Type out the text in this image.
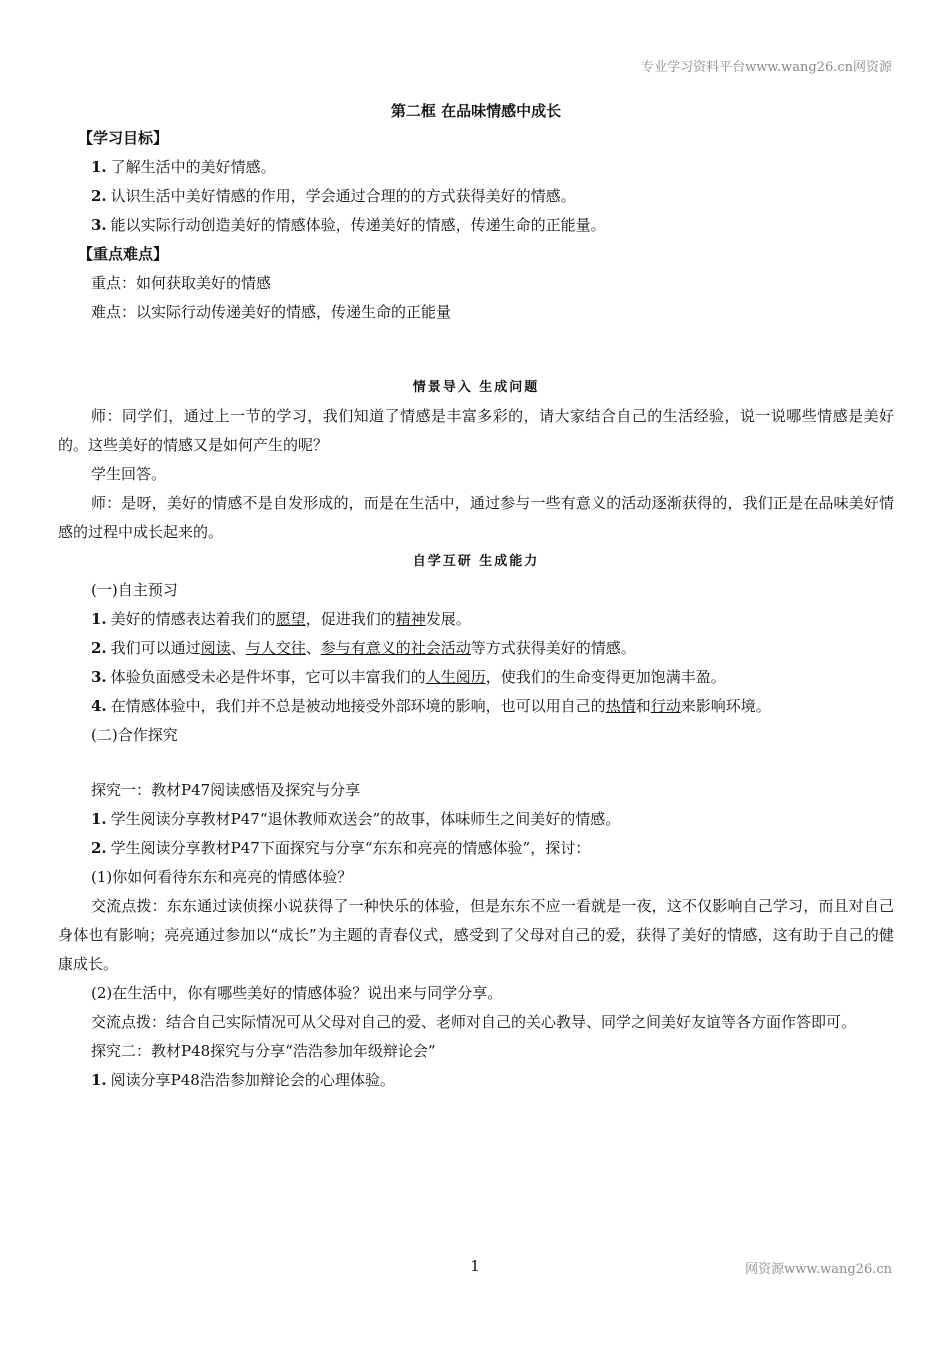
专业学习资料平台www.wang26.cn网资源

第二框 在品味情感中成长

【学习目标】

1. 了解生活中的美好情感。

2. 认识生活中美好情感的作用，学会通过合理的的方式获得美好的情感。

3. 能以实际行动创造美好的情感体验，传递美好的情感，传递生命的正能量。

【重点难点】

重点：如何获取美好的情感

难点：以实际行动传递美好的情感，传递生命的正能量

情景导入 生成问题

师：同学们，通过上一节的学习，我们知道了情感是丰富多彩的，请大家结合自己的生活经验，说一说哪些情感是美好的。这些美好的情感又是如何产生的呢？

学生回答。

师：是呀，美好的情感不是自发形成的，而是在生活中，通过参与一些有意义的活动逐渐获得的，我们正是在品味美好情感的过程中成长起来的。

自学互研 生成能力

(一)自主预习

1. 美好的情感表达着我们的愿望，促进我们的精神发展。

2. 我们可以通过阅读、与人交往、参与有意义的社会活动等方式获得美好的情感。

3. 体验负面感受未必是件坏事，它可以丰富我们的人生阅历，使我们的生命变得更加饱满丰盈。

4. 在情感体验中，我们并不总是被动地接受外部环境的影响，也可以用自己的热情和行动来影响环境。

(二)合作探究

探究一：教材P47阅读感悟及探究与分享

1. 学生阅读分享教材P47“退休教师欢送会”的故事，体味师生之间美好的情感。

2. 学生阅读分享教材P47下面探究与分享“东东和亮亮的情感体验”，探讨：

(1)你如何看待东东和亮亮的情感体验？

交流点拨：东东通过读侦探小说获得了一种快乐的体验，但是东东不应一看就是一夜，这不仅影响自己学习，而且对自己身体也有影响；亮亮通过参加以“成长”为主题的青春仪式，感受到了父母对自己的爱，获得了美好的情感，这有助于自己的健康成长。

(2)在生活中，你有哪些美好的情感体验？说出来与同学分享。

交流点拨：结合自己实际情况可从父母对自己的爱、老师对自己的关心教导、同学之间美好友谊等各方面作答即可。

探究二：教材P48探究与分享“浩浩参加年级辩论会”

1. 阅读分享P48浩浩参加辩论会的心理体验。

1	网资源www.wang26.cn
